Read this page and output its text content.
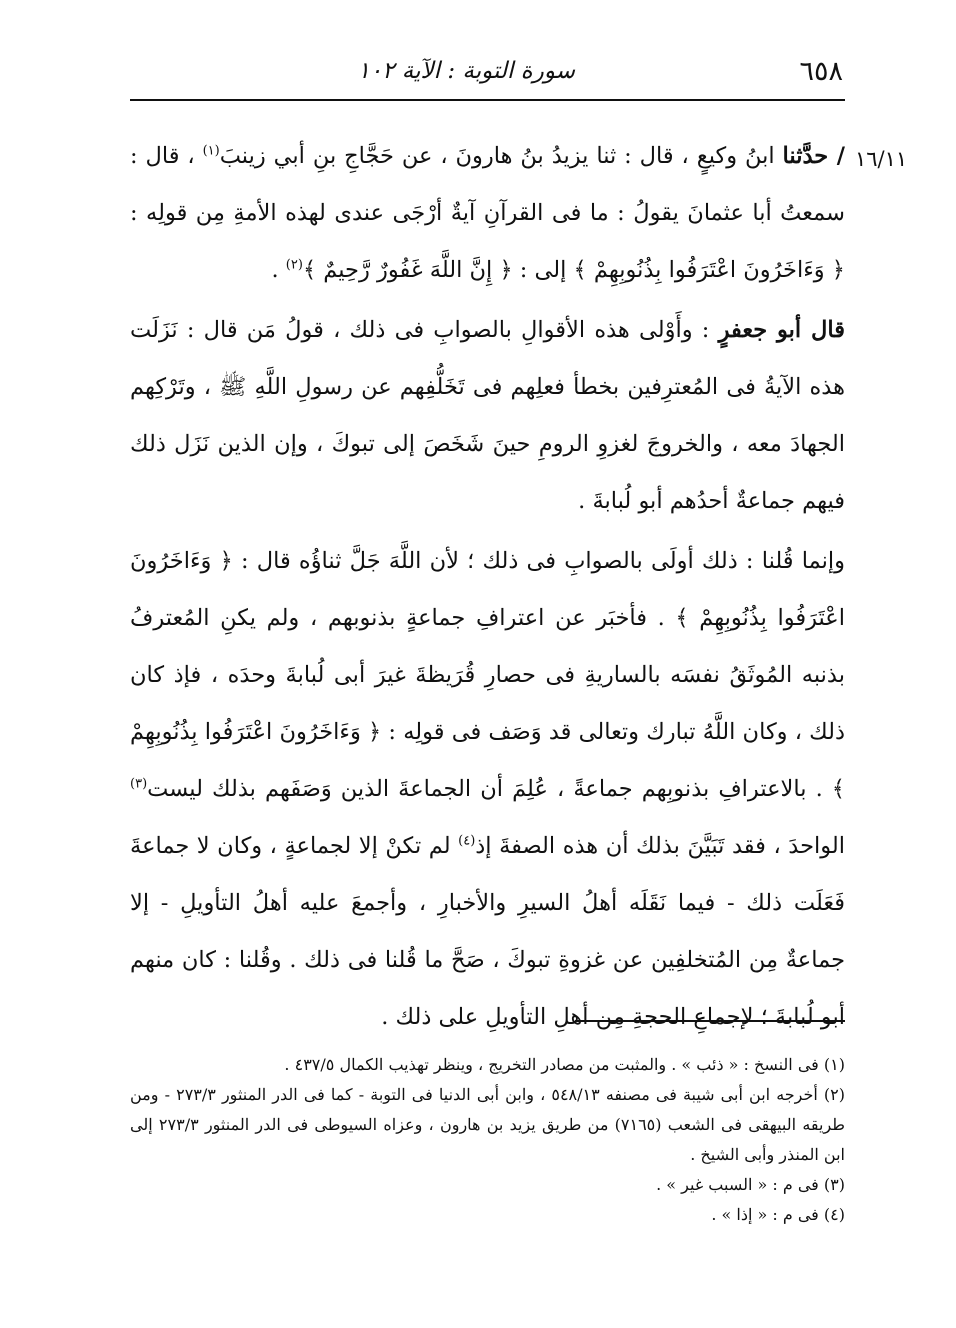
٦٥٨
سورة التوبة : الآية ١٠٢
١٦/١١

/ حدَّثنا ابنُ وكيعٍ ، قال : ثنا يزيدُ بنُ هارونَ ، عن حَجَّاجِ بنِ أبي زينبَ$^{(١)}$ ، قال : سمعتُ أبا عثمانَ يقولُ : ما فى القرآنِ آيةٌ أرْجَى عندى لهذه الأمةِ مِن قولِه : ﴿ وَءَاخَرُونَ اعْتَرَفُوا بِذُنُوبِهِمْ ﴾ إلى : ﴿ إِنَّ اللَّهَ غَفُورٌ رَّحِيمٌ ﴾$^{(٢)}$ .

قال أبو جعفرٍ : وأَوْلى هذه الأقوالِ بالصوابِ فى ذلك ، قولُ مَن قال : نَزَلَت هذه الآيةُ فى المُعترِفين بخطأ فعلِهم فى تَخَلُّفِهم عن رسولِ اللَّهِ ﷺ ، وتَرْكِهم الجهادَ معه ، والخروجَ لغزوِ الرومِ حينَ شَخَصَ إلى تبوكَ ، وإن الذين نَزَل ذلك فيهم جماعةٌ أحدُهم أبو لُبابةَ .

وإنما قُلنا : ذلك أولَى بالصوابِ فى ذلك ؛ لأن اللَّهَ جَلَّ ثناؤُه قال : ﴿ وَءَاخَرُونَ اعْتَرَفُوا بِذُنُوبِهِمْ ﴾ . فأخبَر عن اعترافِ جماعةٍ بذنوبهم ، ولم يكنِ المُعترفُ بذنبه المُوثَقُ نفسَه بالساريةِ فى حصارِ قُرَيظةَ غيرَ أبى لُبابةَ وحدَه ، فإذ كان ذلك ، وكان اللَّهُ تبارك وتعالى قد وَصَف فى قولِه : ﴿ وَءَاخَرُونَ اعْتَرَفُوا بِذُنُوبِهِمْ ﴾ . بالاعترافِ بذنوبِهم جماعةً ، عُلِمَ أن الجماعةَ الذين وَصَفَهم بذلك ليست$^{(٣)}$ الواحدَ ، فقد تَبَيَّنَ بذلك أن هذه الصفةَ إذ$^{(٤)}$ لم تكنْ إلا لجماعةٍ ، وكان لا جماعةَ فَعَلَت ذلك - فيما نَقَلَه أهلُ السيرِ والأخبارِ ، وأجمعَ عليه أهلُ التأويلِ - إلا جماعةٌ مِن المُتخلفِين عن غزوةِ تبوكَ ، صَحَّ ما قُلنا فى ذلك . وقُلنا : كان منهم أبو لُبابةَ ؛ لإجماعِ الحجةِ مِن أهلِ التأويلِ على ذلك .

(١) فى النسخ : « ذئب » . والمثبت من مصادر التخريج ، وينظر تهذيب الكمال ٤٣٧/٥ .

(٢) أخرجه ابن أبى شيبة فى مصنفه ٥٤٨/١٣ ، وابن أبى الدنيا فى التوبة - كما فى الدر المنثور ٢٧٣/٣ - ومن طريقه البيهقى فى الشعب (٧١٦٥) من طريق يزيد بن هارون ، وعزاه السيوطى فى الدر المنثور ٢٧٣/٣ إلى ابن المنذر وأبى الشيخ .

(٣) فى م : « السبب غير » .

(٤) فى م : « إذا » .
